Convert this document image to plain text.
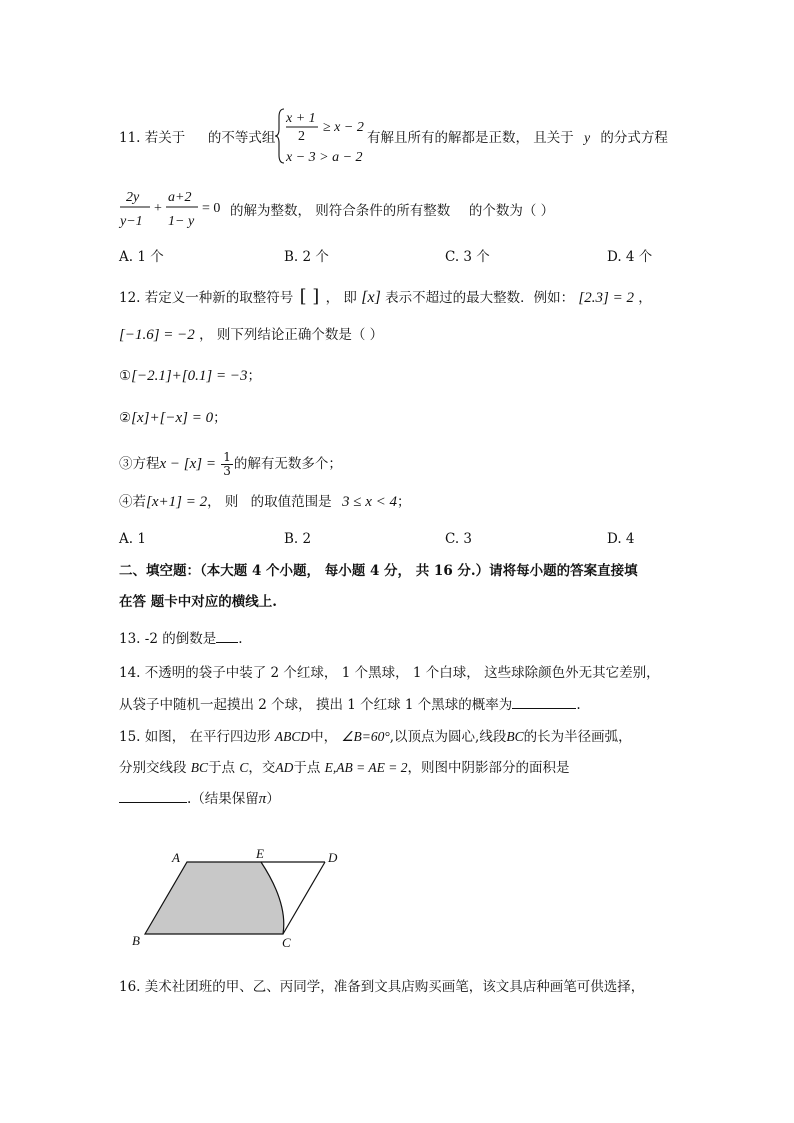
11. 若关于 的不等式组
x + 1
2
≥ x − 2
x − 3 > a − 2
有解且所有的解都是正数， 且关于 y 的分式方程
2y
y−1
+
a+2
1− y
= 0 的解为整数， 则符合条件的所有整数 的个数为（ ）
A. 1 个	B. 2 个	C. 3 个	D. 4 个
12. 若定义一种新的取整符号 [ ] ， 即 [x] 表示不超过的最大整数．例如： [2.3] = 2 ，
[−1.6] = −2 ， 则下列结论正确个数是（ ）
①[−2.1]+[0.1] = −3；
②[x]+[−x] = 0；
③方程$x - [x] = \frac{1}{3}$ 的解有无数多个；
④若[x+1] = 2， 则 的取值范围是 3 ≤ x < 4；
A. 1	B. 2	C. 3	D. 4
二、填空题：（本大题 4 个小题， 每小题 4 分， 共 16 分.）请将每小题的答案直接填
在答 题卡中对应的横线上.
13. -2 的倒数是 .
14. 不透明的袋子中装了 2 个红球， 1 个黑球， 1 个白球， 这些球除颜色外无其它差别，
从袋子中随机一起摸出 2 个球， 摸出 1 个红球 1 个黑球的概率为	.
15. 如图， 在平行四边形 ABCD中， ∠B=60°,以顶点为圆心,线段BC的长为半径画弧，
分别交线段 BC于点 C，交AD于点 E,AB = AE = 2，则图中阴影部分的面积是
.（结果保留π）
A	E	D
B	C
16. 美术社团班的甲、乙、丙同学，准备到文具店购买画笔，该文具店种画笔可供选择，
